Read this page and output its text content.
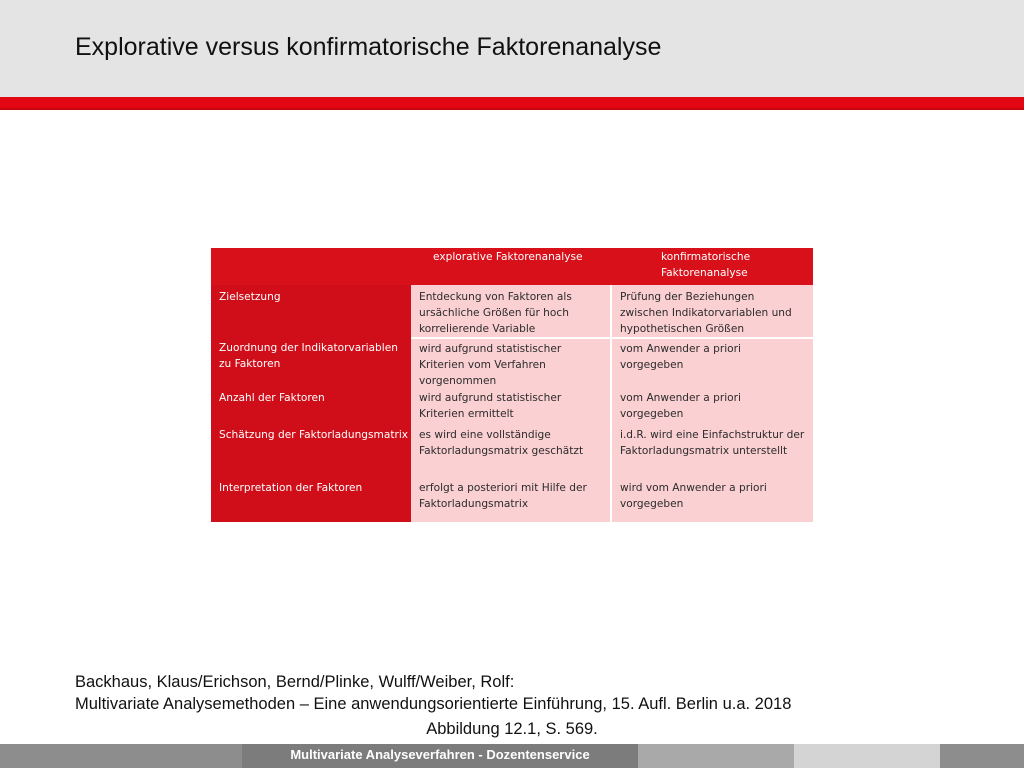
Explorative versus konfirmatorische Faktorenanalyse
	explorative Faktorenanalyse	konfirmatorische
Faktorenanalyse
Zielsetzung	Entdeckung von Faktoren als ursächliche Größen für hoch korrelierende Variable	Prüfung der Beziehungen zwischen Indikatorvariablen und hypothetischen Größen
Zuordnung der Indikatorvariablen zu Faktoren	wird aufgrund statistischer Kriterien vom Verfahren vorgenommen	vom Anwender a priori vorgegeben
Anzahl der Faktoren	wird aufgrund statistischer Kriterien ermittelt	vom Anwender a priori vorgegeben
Schätzung der Faktorladungsmatrix	es wird eine vollständige Faktorladungsmatrix geschätzt	i.d.R. wird eine Einfachstruktur der Faktorladungsmatrix unterstellt
Interpretation der Faktoren	erfolgt a posteriori mit Hilfe der Faktorladungsmatrix	wird vom Anwender a priori vorgegeben
Backhaus, Klaus/Erichson, Bernd/Plinke, Wulff/Weiber, Rolf:
Multivariate Analysemethoden – Eine anwendungsorientierte Einführung, 15. Aufl. Berlin u.a. 2018
Abbildung 12.1, S. 569.
Multivariate Analyseverfahren - Dozentenservice
